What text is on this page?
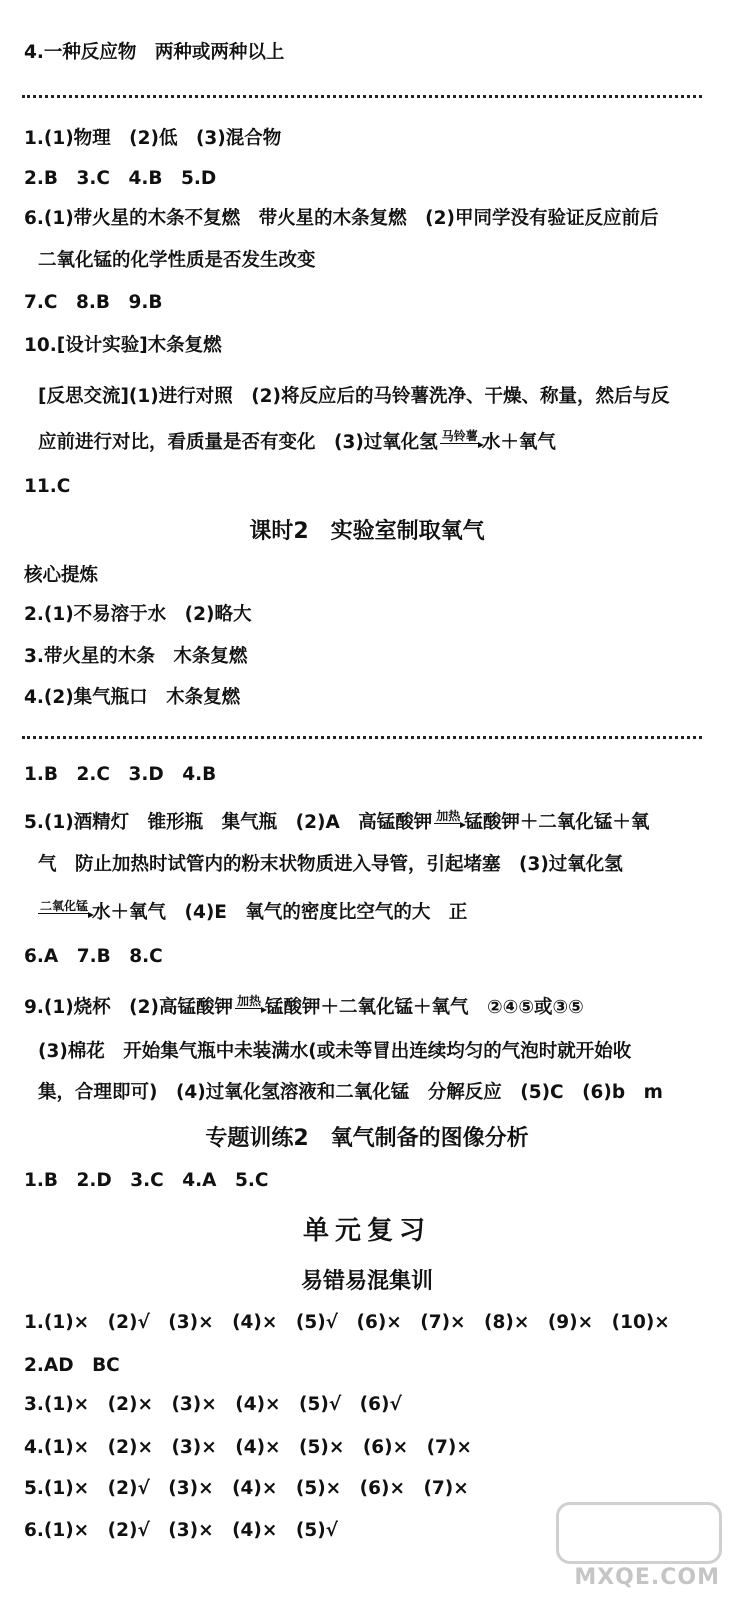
4.一种反应物　两种或两种以上
1.(1)物理　(2)低　(3)混合物
2.B　3.C　4.B　5.D
6.(1)带火星的木条不复燃　带火星的木条复燃　(2)甲同学没有验证反应前后
二氧化锰的化学性质是否发生改变
7.C　8.B　9.B
10.[设计实验]木条复燃
[反思交流](1)进行对照　(2)将反应后的马铃薯洗净、干燥、称量，然后与反
应前进行对比，看质量是否有变化　(3)过氧化氢 马铃薯 水＋氧气
11.C
课时2　实验室制取氧气
核心提炼
2.(1)不易溶于水　(2)略大
3.带火星的木条　木条复燃
4.(2)集气瓶口　木条复燃
1.B　2.C　3.D　4.B
5.(1)酒精灯　锥形瓶　集气瓶　(2)A　高锰酸钾 加热 锰酸钾＋二氧化锰＋氧
气　防止加热时试管内的粉末状物质进入导管，引起堵塞　(3)过氧化氢
二氧化锰 水＋氧气　(4)E　氧气的密度比空气的大　正
6.A　7.B　8.C
9.(1)烧杯　(2)高锰酸钾 加热 锰酸钾＋二氧化锰＋氧气　②④⑤或③⑤
(3)棉花　开始集气瓶中未装满水(或未等冒出连续均匀的气泡时就开始收
集，合理即可)　(4)过氧化氢溶液和二氧化锰　分解反应　(5)C　(6)b　m
专题训练2　氧气制备的图像分析
1.B　2.D　3.C　4.A　5.C
单元复习
易错易混集训
1.(1)×　(2)√　(3)×　(4)×　(5)√　(6)×　(7)×　(8)×　(9)×　(10)×
2.AD　BC
3.(1)×　(2)×　(3)×　(4)×　(5)√　(6)√
4.(1)×　(2)×　(3)×　(4)×　(5)×　(6)×　(7)×
5.(1)×　(2)√　(3)×　(4)×　(5)×　(6)×　(7)×
6.(1)×　(2)√　(3)×　(4)×　(5)√
MXQE.COM
